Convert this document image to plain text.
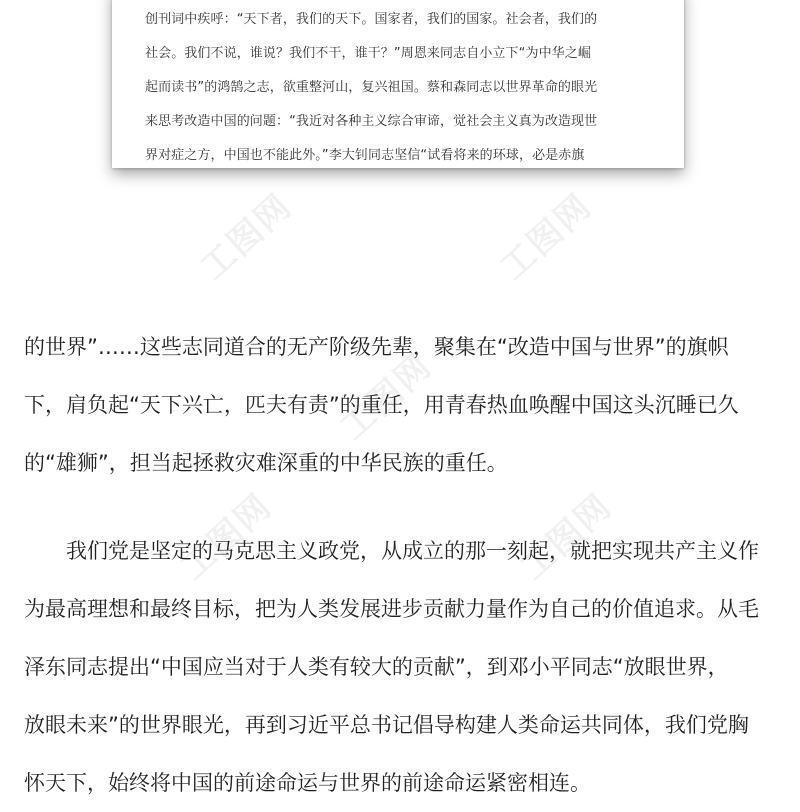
创刊词中疾呼：“天下者，我们的天下。国家者，我们的国家。社会者，我们的
社会。我们不说，谁说？我们不干，谁干？”周恩来同志自小立下“为中华之崛
起而读书”的鸿鹄之志，欲重整河山，复兴祖国。蔡和森同志以世界革命的眼光
来思考改造中国的问题：“我近对各种主义综合审谛，觉社会主义真为改造现世
界对症之方，中国也不能此外。”李大钊同志坚信“试看将来的环球，必是赤旗
工图网	工图网
工图网
工图网	工图网
的世界”……这些志同道合的无产阶级先辈，聚集在“改造中国与世界”的旗帜
下，肩负起“天下兴亡，匹夫有责”的重任，用青春热血唤醒中国这头沉睡已久
的“雄狮”，担当起拯救灾难深重的中华民族的重任。
　　我们党是坚定的马克思主义政党，从成立的那一刻起，就把实现共产主义作
为最高理想和最终目标，把为人类发展进步贡献力量作为自己的价值追求。从毛
泽东同志提出“中国应当对于人类有较大的贡献”，到邓小平同志“放眼世界，
放眼未来”的世界眼光，再到习近平总书记倡导构建人类命运共同体，我们党胸
怀天下，始终将中国的前途命运与世界的前途命运紧密相连。
